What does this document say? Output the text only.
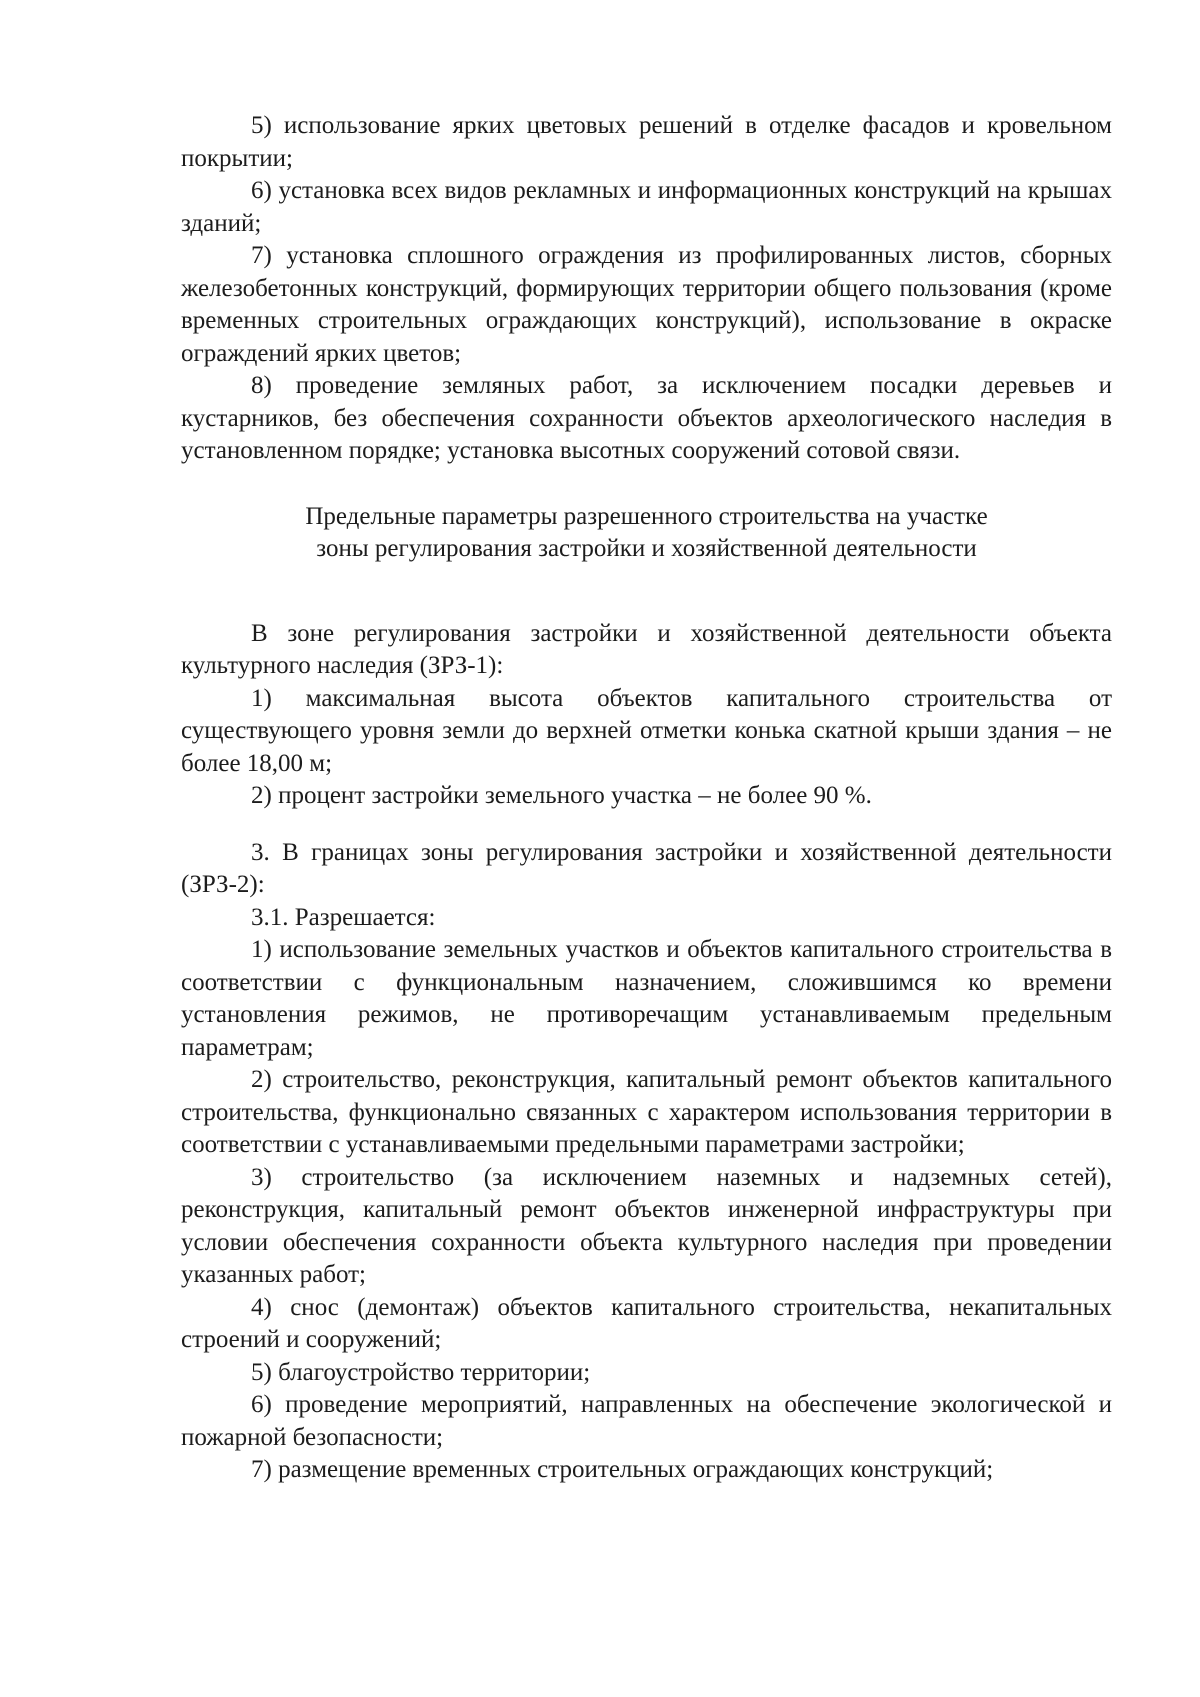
5) использование ярких цветовых решений в отделке фасадов и кровельном покрытии;

6) установка всех видов рекламных и информационных конструкций на крышах зданий;

7) установка сплошного ограждения из профилированных листов, сборных железобетонных конструкций, формирующих территории общего пользования (кроме временных строительных ограждающих конструкций), использование в окраске ограждений ярких цветов;

8) проведение земляных работ, за исключением посадки деревьев и кустарников, без обеспечения сохранности объектов археологического наследия в установленном порядке; установка высотных сооружений сотовой связи.

Предельные параметры разрешенного строительства на участке
зоны регулирования застройки и хозяйственной деятельности

В зоне регулирования застройки и хозяйственной деятельности объекта культурного наследия (ЗРЗ-1):

1) максимальная высота объектов капитального строительства от существующего уровня земли до верхней отметки конька скатной крыши здания – не более 18,00 м;

2) процент застройки земельного участка – не более 90 %.

3. В границах зоны регулирования застройки и хозяйственной деятельности (ЗРЗ-2):

3.1. Разрешается:

1) использование земельных участков и объектов капитального строительства в соответствии с функциональным назначением, сложившимся ко времени установления режимов, не противоречащим устанавливаемым предельным параметрам;

2) строительство, реконструкция, капитальный ремонт объектов капитального строительства, функционально связанных с характером использования территории в соответствии с устанавливаемыми предельными параметрами застройки;

3) строительство (за исключением наземных и надземных сетей), реконструкция, капитальный ремонт объектов инженерной инфраструктуры при условии обеспечения сохранности объекта культурного наследия при проведении указанных работ;

4) снос (демонтаж) объектов капитального строительства, некапитальных строений и сооружений;

5) благоустройство территории;

6) проведение мероприятий, направленных на обеспечение экологической и пожарной безопасности;

7) размещение временных строительных ограждающих конструкций;
